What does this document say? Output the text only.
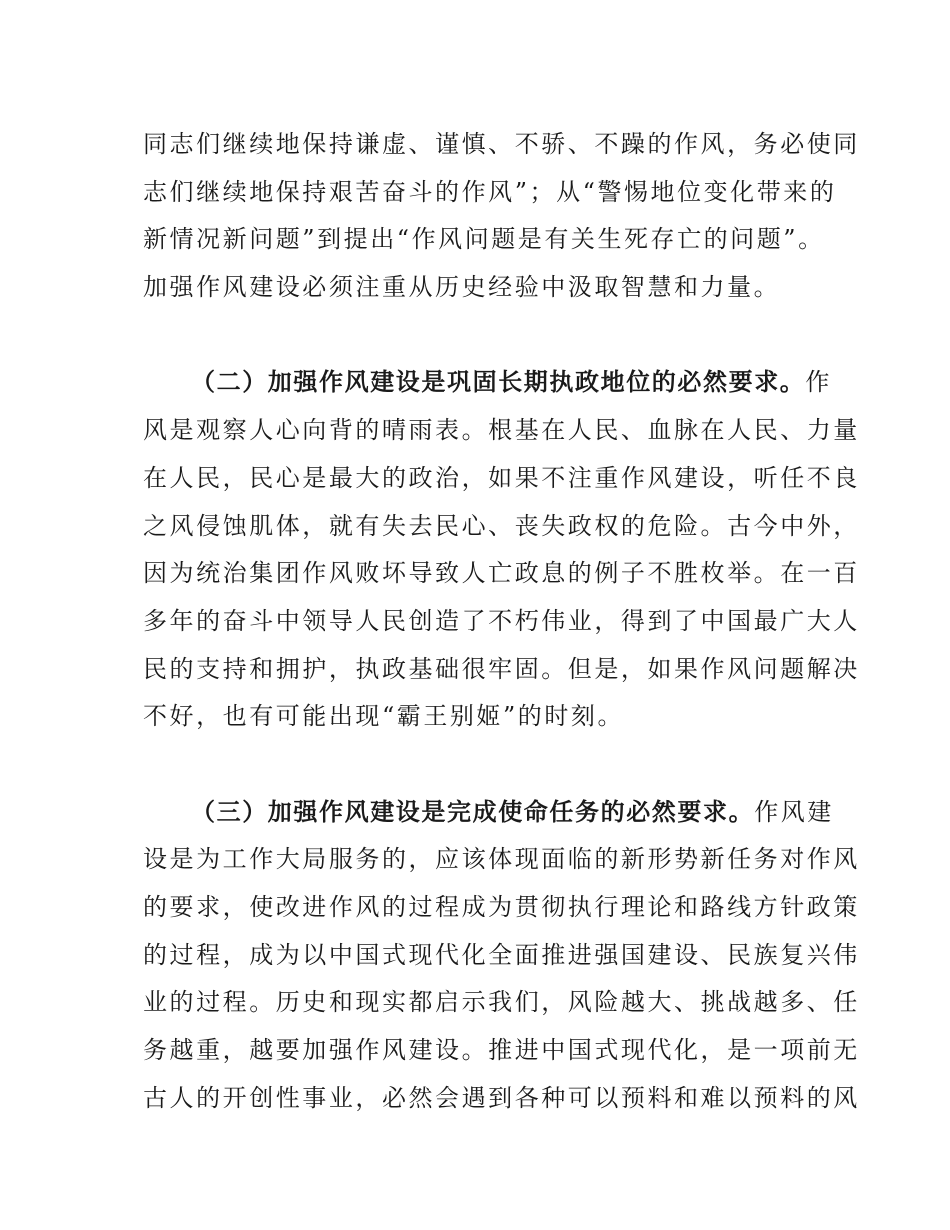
同志们继续地保持谦虚、谨慎、不骄、不躁的作风，务必使同
志们继续地保持艰苦奋斗的作风”；从“警惕地位变化带来的
新情况新问题”到提出“作风问题是有关生死存亡的问题”。
加强作风建设必须注重从历史经验中汲取智慧和力量。
（二）加强作风建设是巩固长期执政地位的必然要求。作
风是观察人心向背的晴雨表。根基在人民、血脉在人民、力量
在人民，民心是最大的政治，如果不注重作风建设，听任不良
之风侵蚀肌体，就有失去民心、丧失政权的危险。古今中外，
因为统治集团作风败坏导致人亡政息的例子不胜枚举。在一百
多年的奋斗中领导人民创造了不朽伟业，得到了中国最广大人
民的支持和拥护，执政基础很牢固。但是，如果作风问题解决
不好，也有可能出现“霸王别姬”的时刻。
（三）加强作风建设是完成使命任务的必然要求。作风建
设是为工作大局服务的，应该体现面临的新形势新任务对作风
的要求，使改进作风的过程成为贯彻执行理论和路线方针政策
的过程，成为以中国式现代化全面推进强国建设、民族复兴伟
业的过程。历史和现实都启示我们，风险越大、挑战越多、任
务越重，越要加强作风建设。推进中国式现代化，是一项前无
古人的开创性事业，必然会遇到各种可以预料和难以预料的风
